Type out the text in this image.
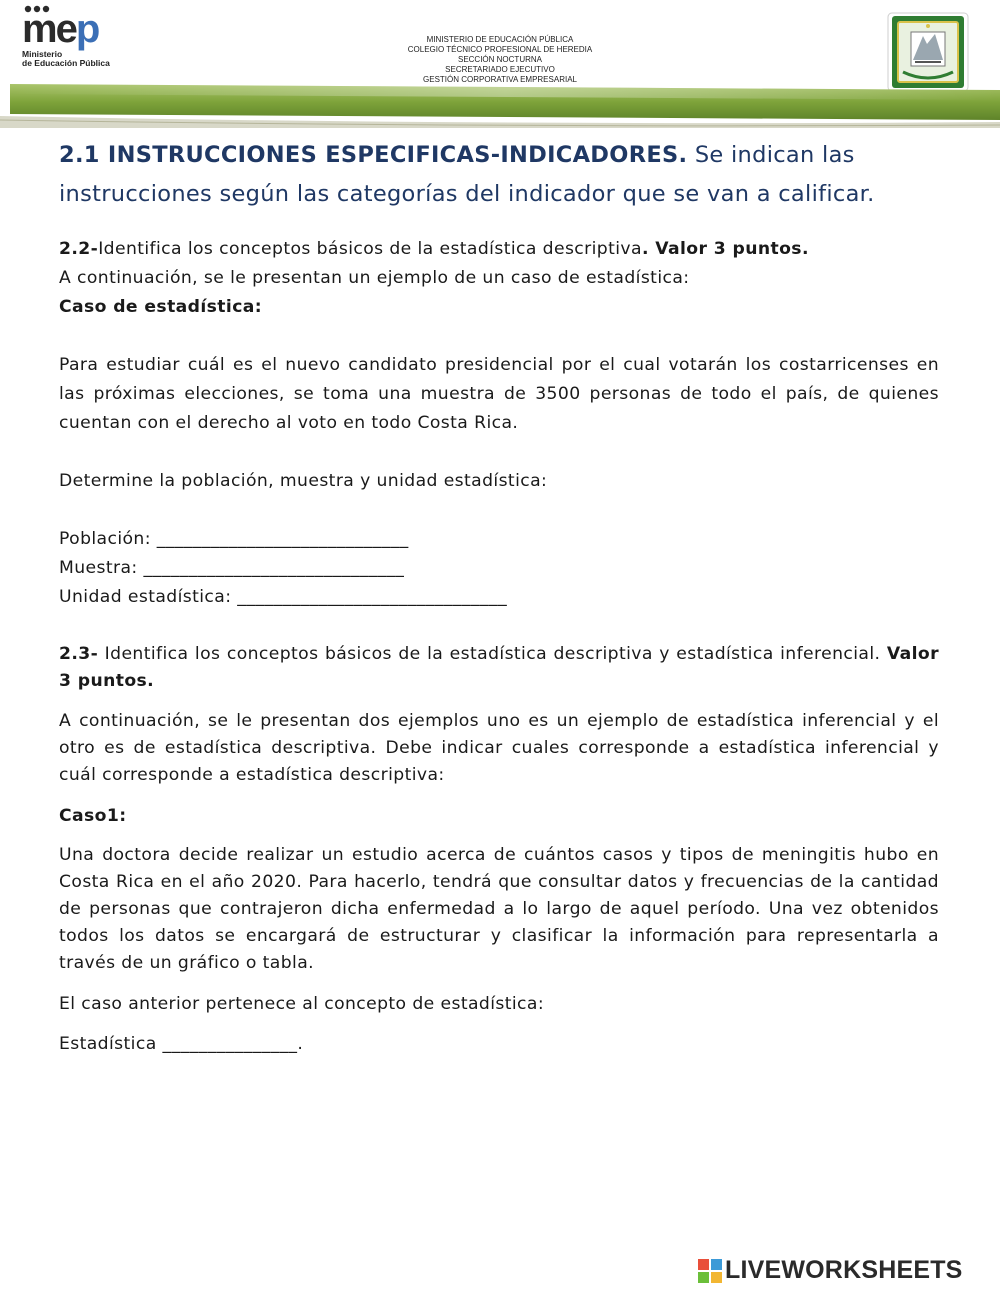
mep
Ministerio
de Educación Pública
MINISTERIO DE EDUCACIÓN PÚBLICA
COLEGIO TÉCNICO PROFESIONAL DE HEREDIA
SECCIÓN NOCTURNA
SECRETARIADO EJECUTIVO
GESTIÓN CORPORATIVA EMPRESARIAL

2.1 INSTRUCCIONES ESPECIFICAS-INDICADORES. Se indican las instrucciones según las categorías del indicador que se van a calificar.

2.2-Identifica los conceptos básicos de la estadística descriptiva. Valor 3 puntos.

A continuación, se le presentan un ejemplo de un caso de estadística:

Caso de estadística:

Para estudiar cuál es el nuevo candidato presidencial por el cual votarán los costarricenses en las próximas elecciones, se toma una muestra de 3500 personas de todo el país, de quienes cuentan con el derecho al voto en todo Costa Rica.

Determine la población, muestra y unidad estadística:

Población: ____________________________

Muestra: _____________________________

Unidad estadística: ______________________________

2.3- Identifica los conceptos básicos de la estadística descriptiva y estadística inferencial. Valor 3 puntos.

A continuación, se le presentan dos ejemplos uno es un ejemplo de estadística inferencial y el otro es de estadística descriptiva. Debe indicar cuales corresponde a estadística inferencial y cuál corresponde a estadística descriptiva:

Caso1:

Una doctora decide realizar un estudio acerca de cuántos casos y tipos de meningitis hubo en Costa Rica en el año 2020. Para hacerlo, tendrá que consultar datos y frecuencias de la cantidad de personas que contrajeron dicha enfermedad a lo largo de aquel período. Una vez obtenidos todos los datos se encargará de estructurar y clasificar la información para representarla a través de un gráfico o tabla.

El caso anterior pertenece al concepto de estadística:

Estadística _______________.

LIVEWORKSHEETS
